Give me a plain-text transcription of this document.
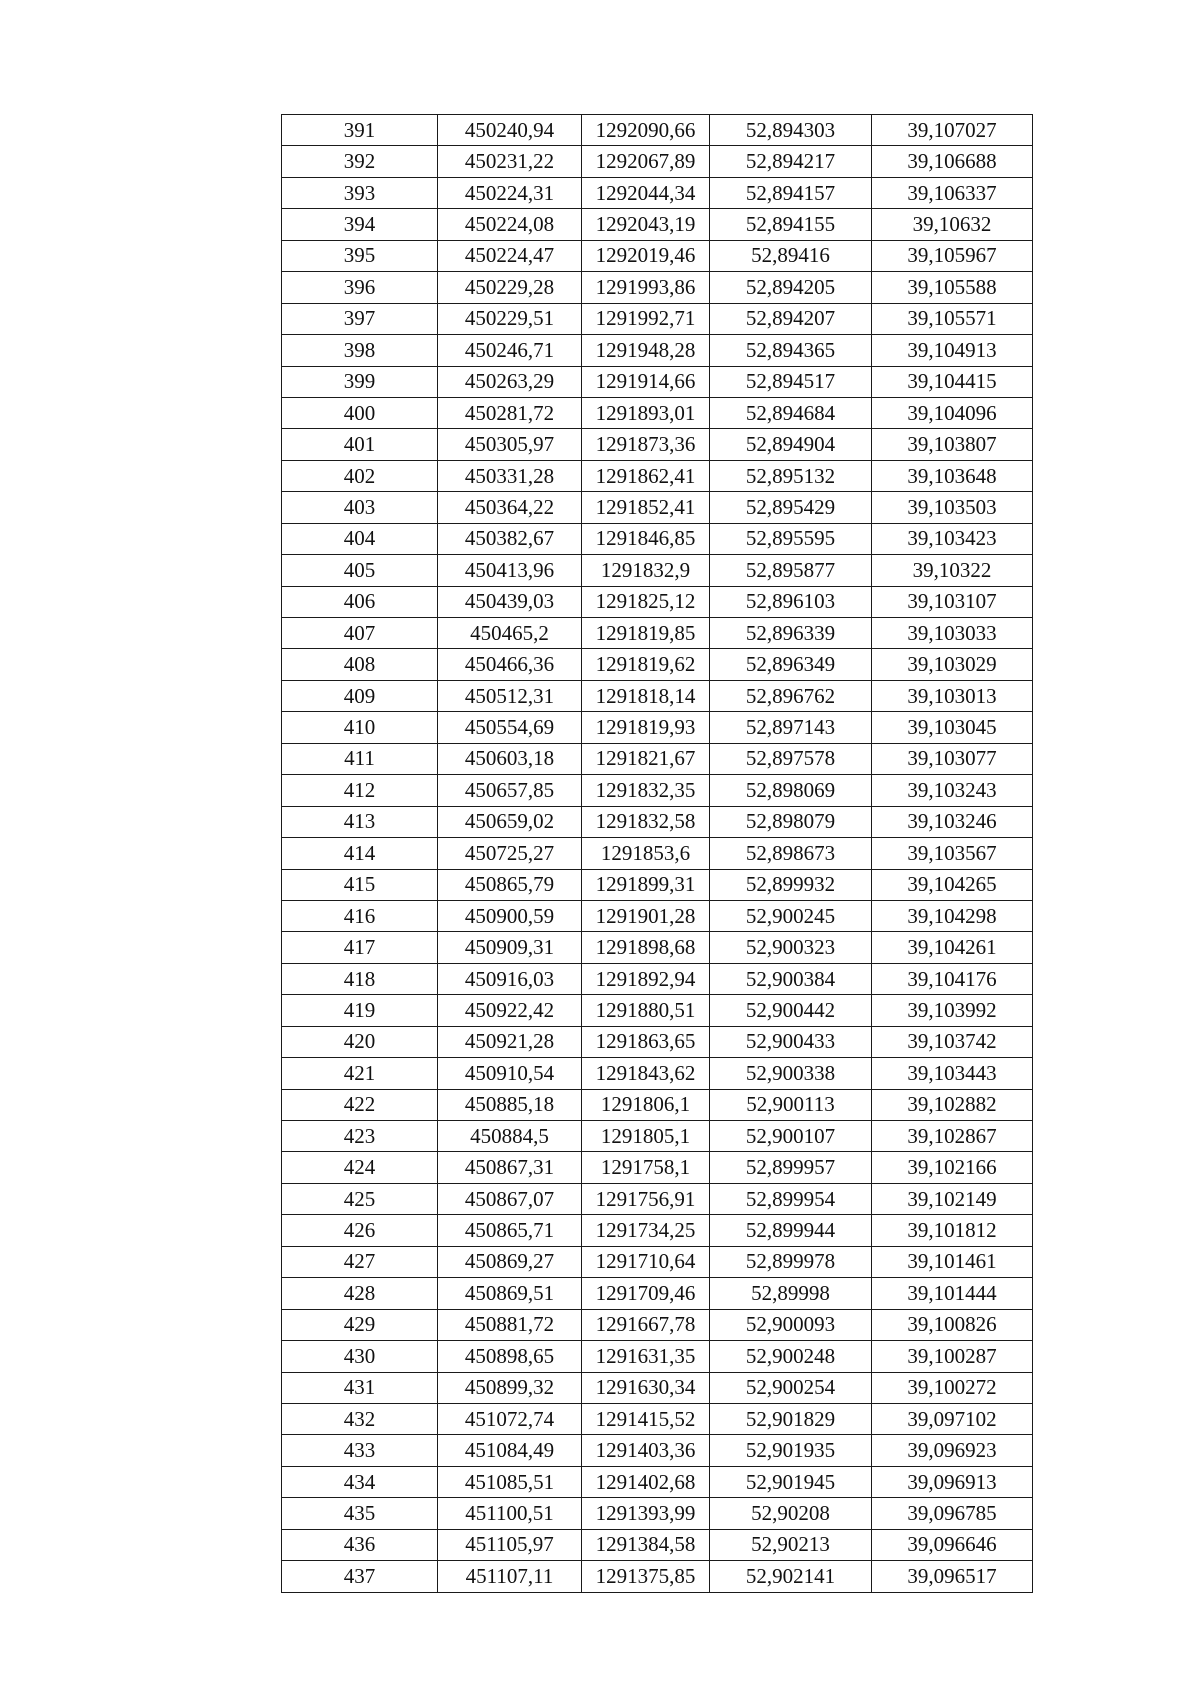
391	450240,94	1292090,66	52,894303	39,107027
392	450231,22	1292067,89	52,894217	39,106688
393	450224,31	1292044,34	52,894157	39,106337
394	450224,08	1292043,19	52,894155	39,10632
395	450224,47	1292019,46	52,89416	39,105967
396	450229,28	1291993,86	52,894205	39,105588
397	450229,51	1291992,71	52,894207	39,105571
398	450246,71	1291948,28	52,894365	39,104913
399	450263,29	1291914,66	52,894517	39,104415
400	450281,72	1291893,01	52,894684	39,104096
401	450305,97	1291873,36	52,894904	39,103807
402	450331,28	1291862,41	52,895132	39,103648
403	450364,22	1291852,41	52,895429	39,103503
404	450382,67	1291846,85	52,895595	39,103423
405	450413,96	1291832,9	52,895877	39,10322
406	450439,03	1291825,12	52,896103	39,103107
407	450465,2	1291819,85	52,896339	39,103033
408	450466,36	1291819,62	52,896349	39,103029
409	450512,31	1291818,14	52,896762	39,103013
410	450554,69	1291819,93	52,897143	39,103045
411	450603,18	1291821,67	52,897578	39,103077
412	450657,85	1291832,35	52,898069	39,103243
413	450659,02	1291832,58	52,898079	39,103246
414	450725,27	1291853,6	52,898673	39,103567
415	450865,79	1291899,31	52,899932	39,104265
416	450900,59	1291901,28	52,900245	39,104298
417	450909,31	1291898,68	52,900323	39,104261
418	450916,03	1291892,94	52,900384	39,104176
419	450922,42	1291880,51	52,900442	39,103992
420	450921,28	1291863,65	52,900433	39,103742
421	450910,54	1291843,62	52,900338	39,103443
422	450885,18	1291806,1	52,900113	39,102882
423	450884,5	1291805,1	52,900107	39,102867
424	450867,31	1291758,1	52,899957	39,102166
425	450867,07	1291756,91	52,899954	39,102149
426	450865,71	1291734,25	52,899944	39,101812
427	450869,27	1291710,64	52,899978	39,101461
428	450869,51	1291709,46	52,89998	39,101444
429	450881,72	1291667,78	52,900093	39,100826
430	450898,65	1291631,35	52,900248	39,100287
431	450899,32	1291630,34	52,900254	39,100272
432	451072,74	1291415,52	52,901829	39,097102
433	451084,49	1291403,36	52,901935	39,096923
434	451085,51	1291402,68	52,901945	39,096913
435	451100,51	1291393,99	52,90208	39,096785
436	451105,97	1291384,58	52,90213	39,096646
437	451107,11	1291375,85	52,902141	39,096517
